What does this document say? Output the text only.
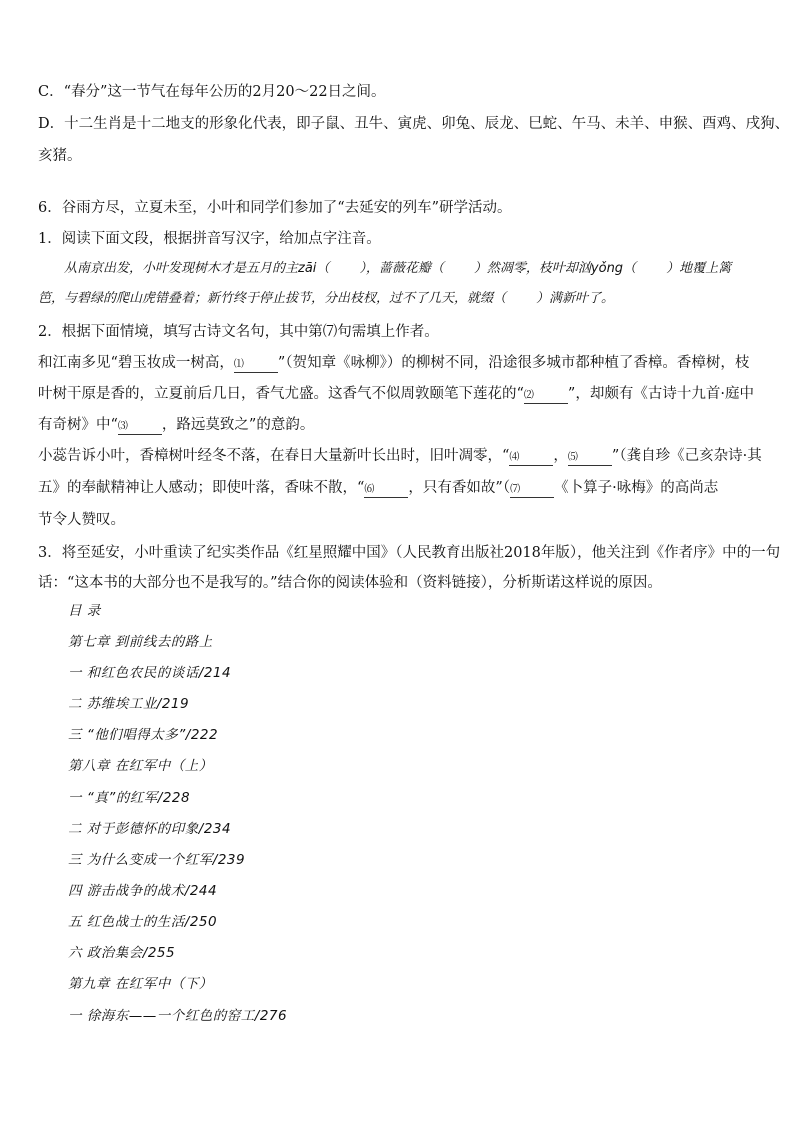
C．“春分”这一节气在每年公历的2月20～22日之间。
D．十二生肖是十二地支的形象化代表，即子鼠、丑牛、寅虎、卯兔、辰龙、巳蛇、午马、未羊、申猴、酉鸡、戌狗、
亥猪。
6．谷雨方尽，立夏未至，小叶和同学们参加了“去延安的列车”研学活动。
1．阅读下面文段，根据拼音写汉字，给加点字注音。
从南京出发，小叶发现树木才是五月的主zāi（ ），蔷薇花瓣（ ）然凋零，枝叶却汹yǒng（ ）地覆上篱
笆，与碧绿的爬山虎错叠着；新竹终于停止拔节，分出枝杈，过不了几天，就缀（ ）满新叶了。
2．根据下面情境，填写古诗文名句，其中第⑺句需填上作者。
和江南多见“碧玉妆成一树高，⑴ ”（贺知章《咏柳》）的柳树不同，沿途很多城市都种植了香樟。香樟树，枝
叶树干原是香的，立夏前后几日，香气尤盛。这香气不似周敦颐笔下莲花的“⑵ ”，却颇有《古诗十九首·庭中
有奇树》中“⑶ ，路远莫致之”的意韵。
小蕊告诉小叶，香樟树叶经冬不落，在春日大量新叶长出时，旧叶凋零，“⑷ ，⑸ ”（龚自珍《己亥杂诗·其
五》的奉献精神让人感动；即使叶落，香味不散，“⑹ ，只有香如故”（⑺ 《卜算子·咏梅》的高尚志
节令人赞叹。
3．将至延安，小叶重读了纪实类作品《红星照耀中国》（人民教育出版社2018年版），他关注到《作者序》中的一句
话：“这本书的大部分也不是我写的。”结合你的阅读体验和（资料链接），分析斯诺这样说的原因。
目 录
第七章 到前线去的路上
一 和红色农民的谈话/214
二 苏维埃工业/219
三 “他们唱得太多”/222
第八章 在红军中（上）
一 “真”的红军/228
二 对于彭德怀的印象/234
三 为什么变成一个红军/239
四 游击战争的战术/244
五 红色战士的生活/250
六 政治集会/255
第九章 在红军中（下）
一 徐海东——一个红色的窑工/276
